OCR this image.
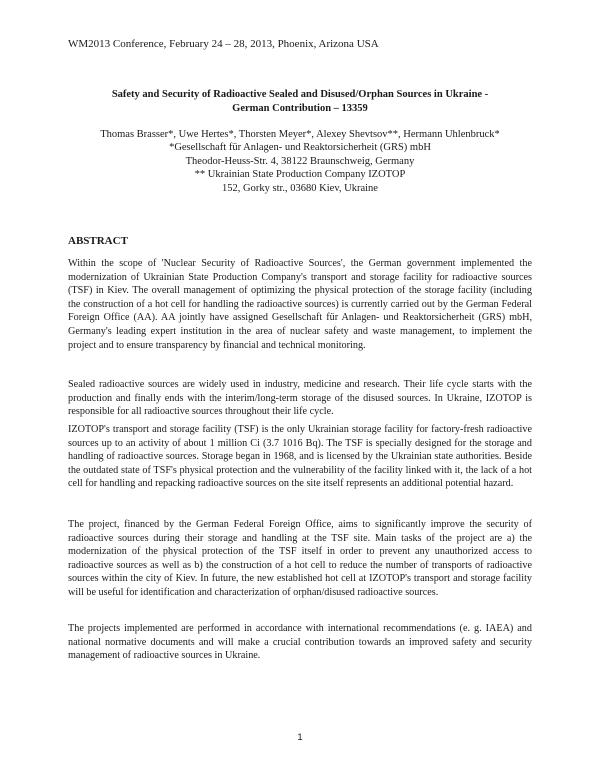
WM2013 Conference, February 24 – 28, 2013, Phoenix, Arizona USA
Safety and Security of Radioactive Sealed and Disused/Orphan Sources in Ukraine -
German Contribution – 13359
Thomas Brasser*, Uwe Hertes*, Thorsten Meyer*, Alexey Shevtsov**, Hermann Uhlenbruck*
*Gesellschaft für Anlagen- und Reaktorsicherheit (GRS) mbH
Theodor-Heuss-Str. 4, 38122 Braunschweig, Germany
** Ukrainian State Production Company IZOTOP
152, Gorky str., 03680 Kiev, Ukraine
ABSTRACT

Within the scope of 'Nuclear Security of Radioactive Sources', the German government implemented the modernization of Ukrainian State Production Company's transport and storage facility for radioactive sources (TSF) in Kiev. The overall management of optimizing the physical protection of the storage facility (including the construction of a hot cell for handling the radioactive sources) is currently carried out by the German Federal Foreign Office (AA). AA jointly have assigned Gesellschaft für Anlagen- und Reaktorsicherheit (GRS) mbH, Germany's leading expert institution in the area of nuclear safety and waste management, to implement the project and to ensure transparency by financial and technical monitoring.

Sealed radioactive sources are widely used in industry, medicine and research. Their life cycle starts with the production and finally ends with the interim/long-term storage of the disused sources. In Ukraine, IZOTOP is responsible for all radioactive sources throughout their life cycle.

IZOTOP's transport and storage facility (TSF) is the only Ukrainian storage facility for factory-fresh radioactive sources up to an activity of about 1 million Ci (3.7 1016 Bq). The TSF is specially designed for the storage and handling of radioactive sources. Storage began in 1968, and is licensed by the Ukrainian state authorities. Beside the outdated state of TSF's physical protection and the vulnerability of the facility linked with it, the lack of a hot cell for handling and repacking radioactive sources on the site itself represents an additional potential hazard.

The project, financed by the German Federal Foreign Office, aims to significantly improve the security of radioactive sources during their storage and handling at the TSF site. Main tasks of the project are a) the modernization of the physical protection of the TSF itself in order to prevent any unauthorized access to radioactive sources as well as b) the construction of a hot cell to reduce the number of transports of radioactive sources within the city of Kiev. In future, the new established hot cell at IZOTOP's transport and storage facility will be useful for identification and characterization of orphan/disused radioactive sources.

The projects implemented are performed in accordance with international recommendations (e. g. IAEA) and national normative documents and will make a crucial contribution towards an improved safety and security management of radioactive sources in Ukraine.

1
